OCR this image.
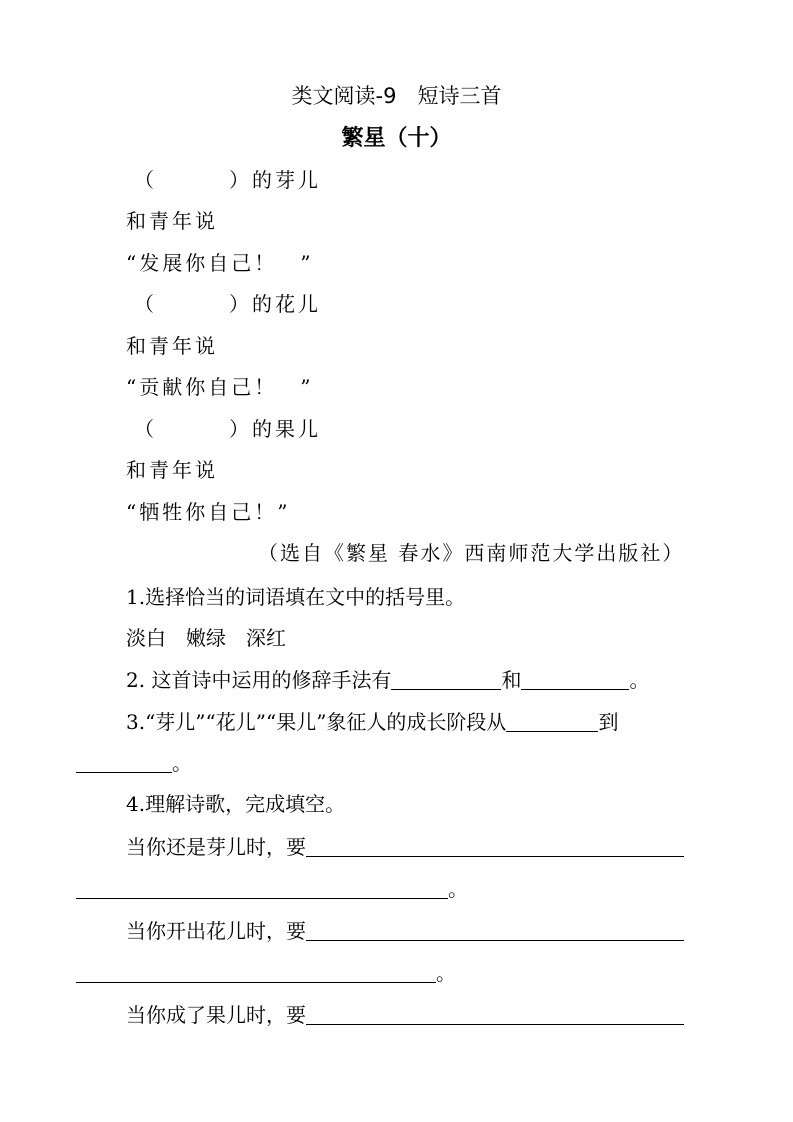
类文阅读-9　短诗三首
繁星（十）
（	）的芽儿
和青年说
“发展你自己！　”
（	）的花儿
和青年说
“贡献你自己！　”
（	）的果儿
和青年说
“牺牲你自己！”
（选自《繁星 春水》西南师范大学出版社）
1.选择恰当的词语填在文中的括号里。
淡白　嫩绿　深红
2. 这首诗中运用的修辞手法有	和	。
3.“芽儿”“花儿”“果儿”象征人的成长阶段从	到
。
4.理解诗歌，完成填空。
当你还是芽儿时，要
。
当你开出花儿时，要
。
当你成了果儿时，要
